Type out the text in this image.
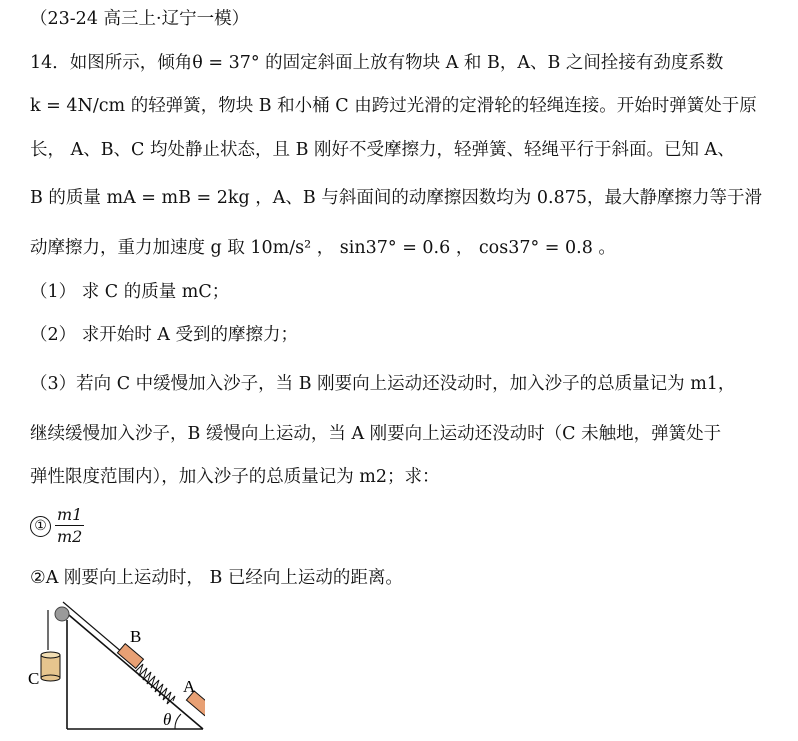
（23-24 高三上·辽宁一模）
14．如图所示，倾角θ = 37° 的固定斜面上放有物块 A 和 B，A、B 之间拴接有劲度系数
k = 4N/cm 的轻弹簧，物块 B 和小桶 C 由跨过光滑的定滑轮的轻绳连接。开始时弹簧处于原
长， A、B、C 均处静止状态，且 B 刚好不受摩擦力，轻弹簧、轻绳平行于斜面。已知 A、
B 的质量 mA = mB = 2kg ，A、B 与斜面间的动摩擦因数均为 0.875，最大静摩擦力等于滑
动摩擦力，重力加速度 g 取 10m/s² ， sin37° = 0.6 ， cos37° = 0.8 。
（1） 求 C 的质量 mC；
（2） 求开始时 A 受到的摩擦力；
（3）若向 C 中缓慢加入沙子，当 B 刚要向上运动还没动时，加入沙子的总质量记为 m1，
继续缓慢加入沙子，B 缓慢向上运动，当 A 刚要向上运动还没动时（C 未触地，弹簧处于
弹性限度范围内），加入沙子的总质量记为 m2；求：
① $\frac{m1}{m2}$
②A 刚要向上运动时， B 已经向上运动的距离。
B
A
C
θ
